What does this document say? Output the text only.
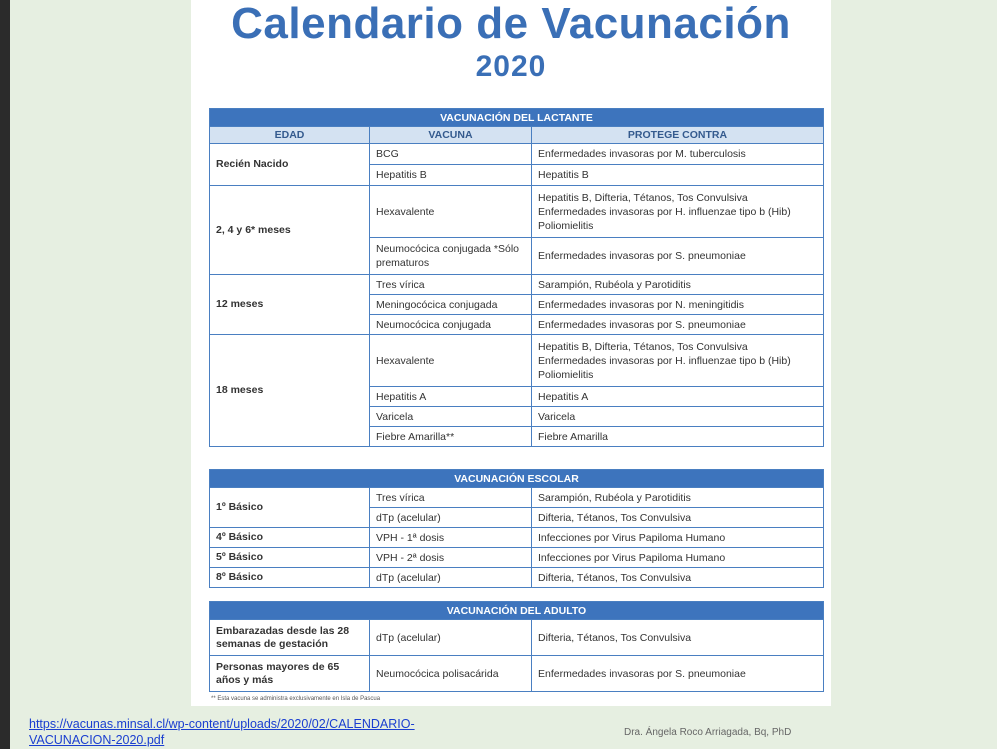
Calendario de Vacunación
2020
VACUNACIÓN DEL LACTANTE		
EDAD	VACUNA	PROTEGE CONTRA
Recién Nacido	BCG	Enfermedades invasoras por M. tuberculosis
	Hepatitis B	Hepatitis B
2, 4 y 6* meses	Hexavalente	Hepatitis B, Difteria, Tétanos, Tos Convulsiva
Enfermedades invasoras por H. influenzae tipo b (Hib)
Poliomielitis

	Neumocócica conjugada *Sólo prematuros	Enfermedades invasoras por S. pneumoniae
12 meses	Tres vírica	Sarampión, Rubéola y Parotiditis
	Meningocócica conjugada	Enfermedades invasoras por N. meningitidis
	Neumocócica conjugada	Enfermedades invasoras por S. pneumoniae
18 meses	Hexavalente	Hepatitis B, Difteria, Tétanos, Tos Convulsiva
Enfermedades invasoras por H. influenzae tipo b (Hib)
Poliomielitis

	Hepatitis A	Hepatitis A
	Varicela	Varicela
	Fiebre Amarilla**	Fiebre Amarilla
VACUNACIÓN ESCOLAR		
1º Básico	Tres vírica	Sarampión, Rubéola y Parotiditis
	dTp (acelular)	Difteria, Tétanos, Tos Convulsiva
4º Básico	VPH - 1ª dosis	Infecciones por Virus Papiloma Humano
5º Básico	VPH - 2ª dosis	Infecciones por Virus Papiloma Humano
8º Básico	dTp (acelular)	Difteria, Tétanos, Tos Convulsiva
VACUNACIÓN DEL ADULTO		
Embarazadas desde las 28 semanas de gestación	dTp (acelular)	Difteria, Tétanos, Tos Convulsiva
Personas mayores de 65 años y más	Neumocócica polisacárida	Enfermedades invasoras por S. pneumoniae
** Esta vacuna se administra exclusivamente en Isla de Pascua
https://vacunas.minsal.cl/wp-content/uploads/2020/02/CALENDARIO-VACUNACION-2020.pdf
Dra. Ángela Roco Arriagada, Bq, PhD
